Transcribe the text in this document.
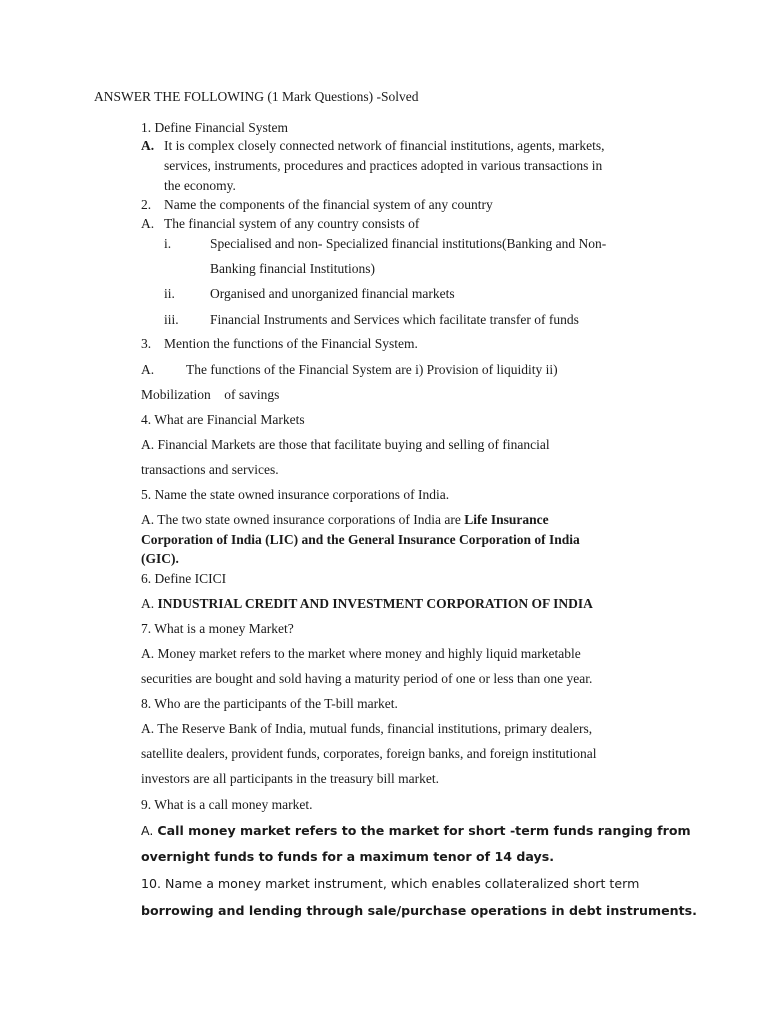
ANSWER THE FOLLOWING (1 Mark Questions) -Solved
1. Define Financial System
A. It is complex closely connected network of financial institutions, agents, markets,
services, instruments, procedures and practices adopted in various transactions in
the economy.
2. Name the components of the financial system of any country
A. The financial system of any country consists of
i.	Specialised and non- Specialized financial institutions(Banking and Non-
Banking financial Institutions)
ii.	Organised and unorganized financial markets
iii. Financial Instruments and Services which facilitate transfer of funds
3. Mention the functions of the Financial System.
A. The functions of the Financial System are i) Provision of liquidity ii)
Mobilization    of savings
4. What are Financial Markets
A. Financial Markets are those that facilitate buying and selling of financial
transactions and services.
5. Name the state owned insurance corporations of India.
A. The two state owned insurance corporations of India are Life Insurance
Corporation of India (LIC) and the General Insurance Corporation of India
(GIC).
6. Define ICICI
A. INDUSTRIAL CREDIT AND INVESTMENT CORPORATION OF INDIA
7. What is a money Market?
A. Money market refers to the market where money and highly liquid marketable
securities are bought and sold having a maturity period of one or less than one year.
8. Who are the participants of the T-bill market.
A. The Reserve Bank of India, mutual funds, financial institutions, primary dealers,
satellite dealers, provident funds, corporates, foreign banks, and foreign institutional
investors are all participants in the treasury bill market.
9. What is a call money market.
A. Call money market refers to the market for short -term funds ranging from
overnight funds to funds for a maximum tenor of 14 days.
10. Name a money market instrument, which enables collateralized short term
borrowing and lending through sale/purchase operations in debt instruments.
